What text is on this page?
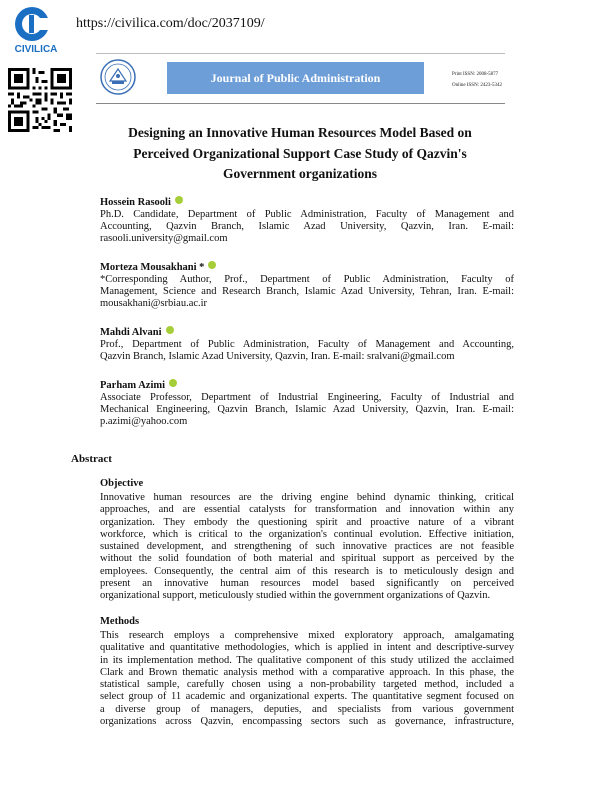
CIVILICA
https://civilica.com/doc/2037109/
Journal of Public Administration	Print ISSN: 2008-5877
Online ISSN: 2423-5342
Designing an Innovative Human Resources Model Based on
Perceived Organizational Support Case Study of Qazvin's
Government organizations
Hossein Rasooli
Ph.D. Candidate, Department of Public Administration, Faculty of Management and
Accounting, Qazvin Branch, Islamic Azad University, Qazvin, Iran. E-mail:
rasooli.university@gmail.com
Morteza Mousakhani *
*Corresponding Author, Prof., Department of Public Administration, Faculty of
Management, Science and Research Branch, Islamic Azad University, Tehran, Iran. E-mail:
mousakhani@srbiau.ac.ir
Mahdi Alvani
Prof., Department of Public Administration, Faculty of Management and Accounting,
Qazvin Branch, Islamic Azad University, Qazvin, Iran. E-mail: sralvani@gmail.com
Parham Azimi
Associate Professor, Department of Industrial Engineering, Faculty of Industrial and
Mechanical Engineering, Qazvin Branch, Islamic Azad University, Qazvin, Iran. E-mail:
p.azimi@yahoo.com
Abstract
Objective
Innovative human resources are the driving engine behind dynamic thinking, critical
approaches, and are essential catalysts for transformation and innovation within any
organization. They embody the questioning spirit and proactive nature of a vibrant
workforce, which is critical to the organization's continual evolution. Effective initiation,
sustained development, and strengthening of such innovative practices are not feasible
without the solid foundation of both material and spiritual support as perceived by the
employees. Consequently, the central aim of this research is to meticulously design and
present an innovative human resources model based significantly on perceived
organizational support, meticulously studied within the government organizations of Qazvin.
Methods
This research employs a comprehensive mixed exploratory approach, amalgamating
qualitative and quantitative methodologies, which is applied in intent and descriptive-survey
in its implementation method. The qualitative component of this study utilized the acclaimed
Clark and Brown thematic analysis method with a comparative approach. In this phase, the
statistical sample, carefully chosen using a non-probability targeted method, included a
select group of 11 academic and organizational experts. The quantitative segment focused on
a diverse group of managers, deputies, and specialists from various government
organizations across Qazvin, encompassing sectors such as governance, infrastructure,
